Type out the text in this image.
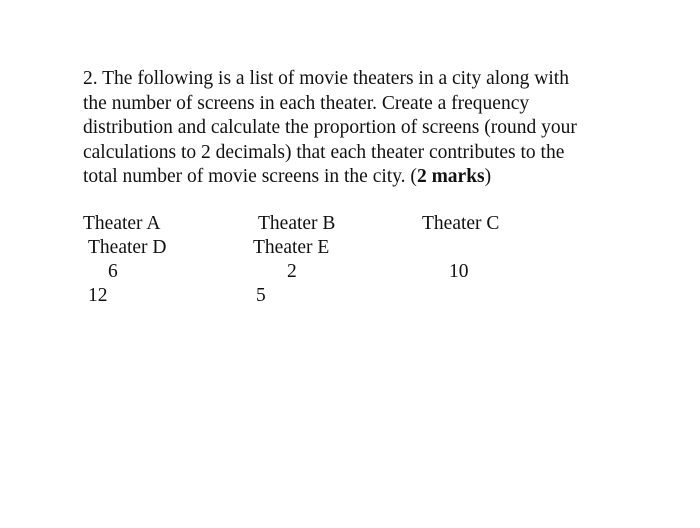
2. The following is a list of movie theaters in a city along with

the number of screens in each theater. Create a frequency

distribution and calculate the proportion of screens (round your

calculations to 2 decimals) that each theater contributes to the

total number of movie screens in the city. (2 marks)

Theater A	Theater B	Theater C
Theater D	Theater E
6	2	10
12	5
